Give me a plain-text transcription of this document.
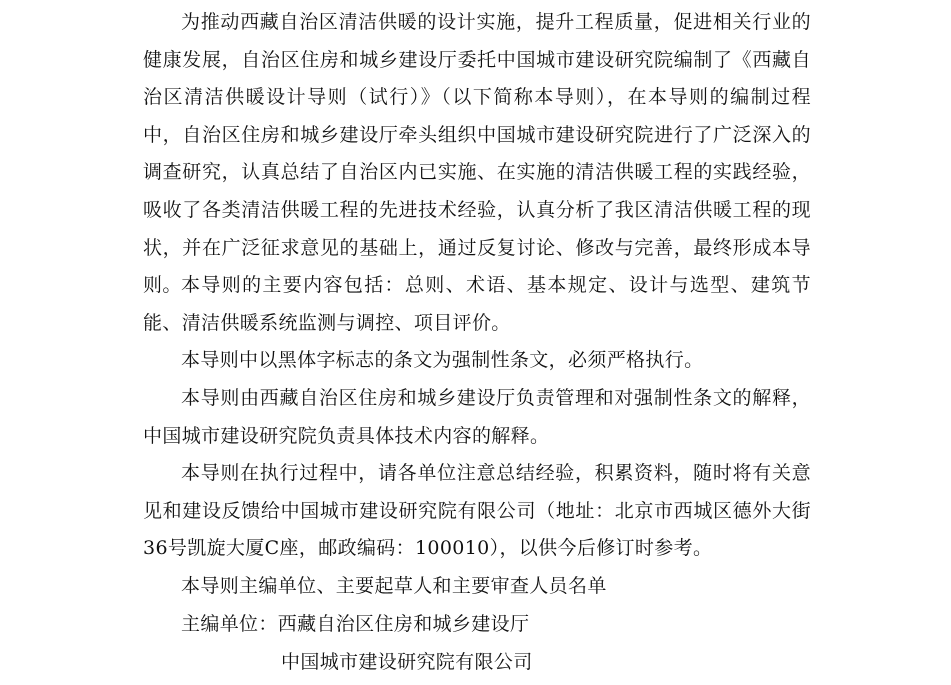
为推动西藏自治区清洁供暖的设计实施，提升工程质量，促进相关行业的健康发展，自治区住房和城乡建设厅委托中国城市建设研究院编制了《西藏自治区清洁供暖设计导则（试行）》（以下简称本导则），在本导则的编制过程中，自治区住房和城乡建设厅牵头组织中国城市建设研究院进行了广泛深入的调查研究，认真总结了自治区内已实施、在实施的清洁供暖工程的实践经验，吸收了各类清洁供暖工程的先进技术经验，认真分析了我区清洁供暖工程的现状，并在广泛征求意见的基础上，通过反复讨论、修改与完善，最终形成本导则。 本导则的主要内容包括：总则、术语、基本规定、设计与选型、建筑节能、清洁供暖系统监测与调控、项目评价。

本导则中以黑体字标志的条文为强制性条文，必须严格执行。

本导则由西藏自治区住房和城乡建设厅负责管理和对强制性条文的解释，中国城市建设研究院负责具体技术内容的解释。

本导则在执行过程中，请各单位注意总结经验，积累资料，随时将有关意见和建设反馈给中国城市建设研究院有限公司（地址：北京市西城区德外大街36号凯旋大厦C座，邮政编码：100010），以供今后修订时参考。

本导则主编单位、主要起草人和主要审查人员名单

主编单位：西藏自治区住房和城乡建设厅

中国城市建设研究院有限公司
